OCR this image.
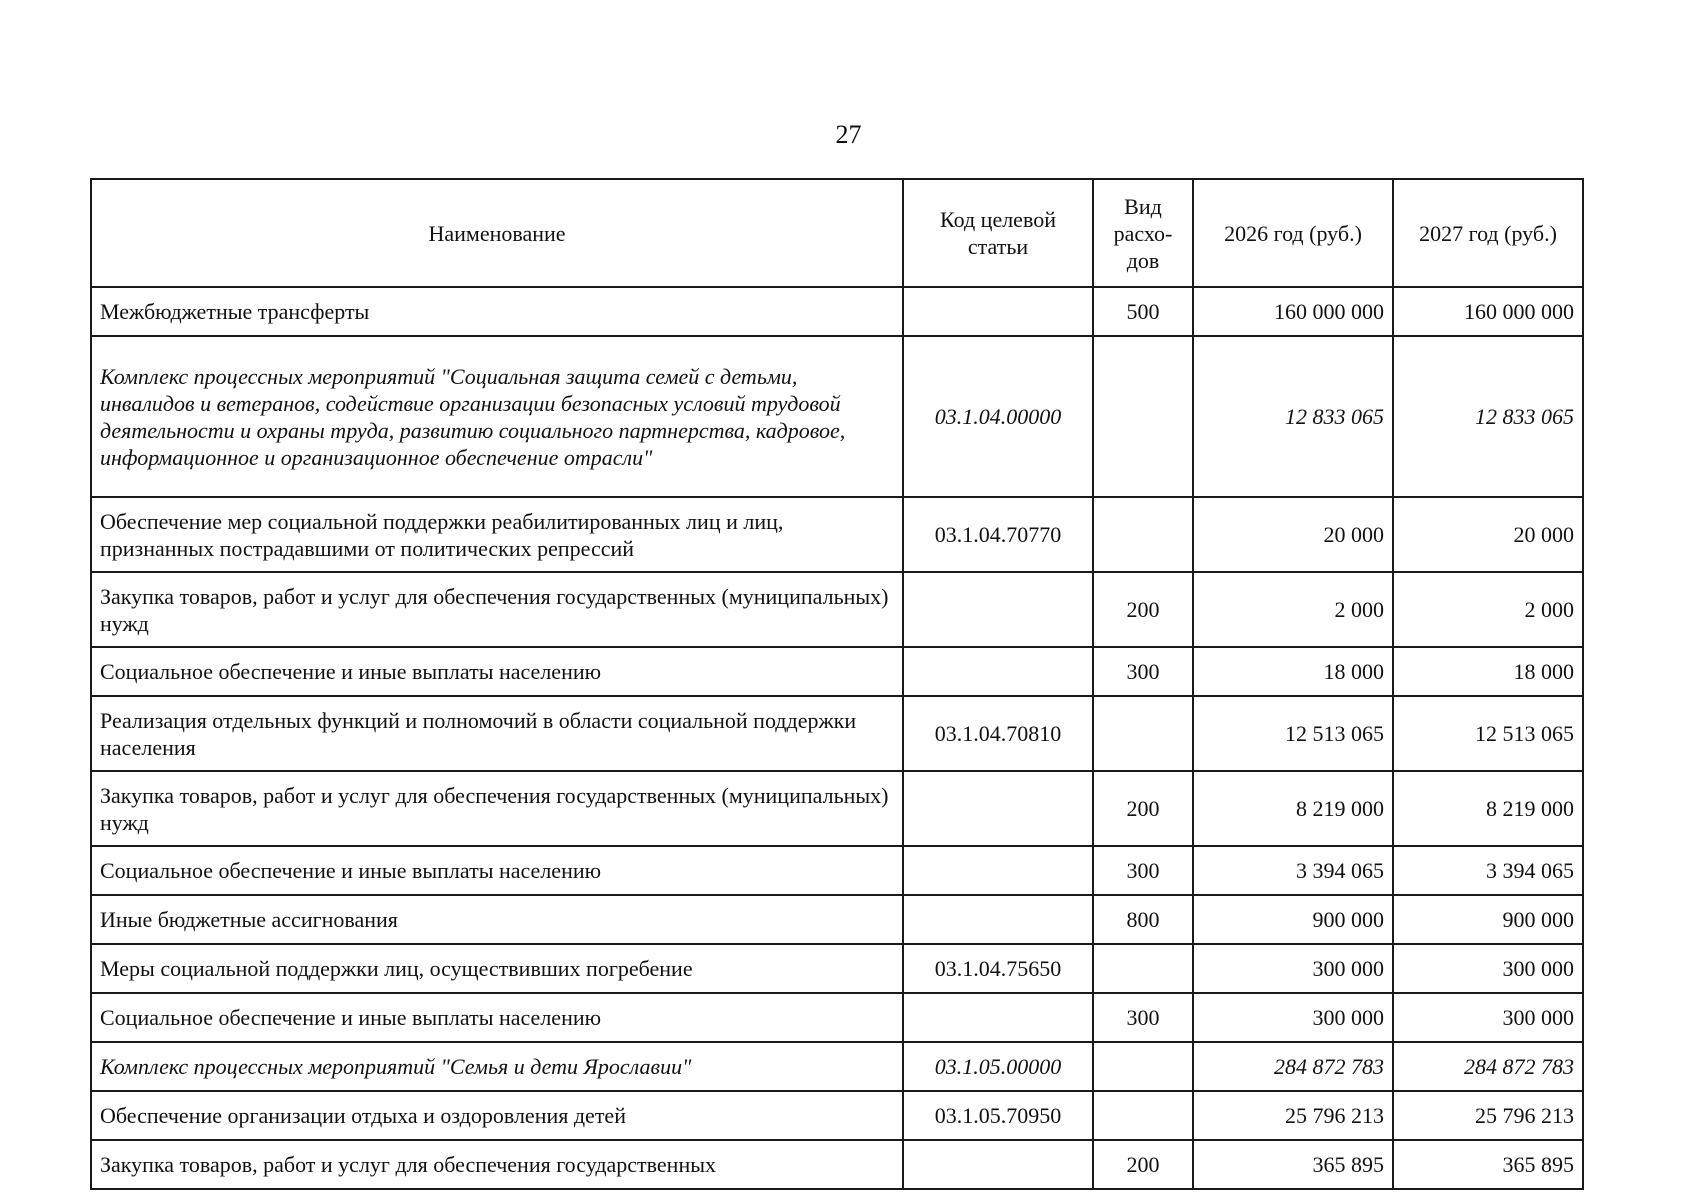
27
Наименование	Код целевой статьи	Вид расхо-дов	2026 год (руб.)	2027 год (руб.)
Межбюджетные трансферты		500	160 000 000	160 000 000
Комплекс процессных мероприятий "Социальная защита семей с детьми, инвалидов и ветеранов, содействие организации безопасных условий трудовой деятельности и охраны труда, развитию социального партнерства, кадровое, информационное и организационное обеспечение отрасли"	03.1.04.00000		12 833 065	12 833 065
Обеспечение мер социальной поддержки реабилитированных лиц и лиц, признанных пострадавшими от политических репрессий	03.1.04.70770		20 000	20 000
Закупка товаров, работ и услуг для обеспечения государственных (муниципальных) нужд		200	2 000	2 000
Социальное обеспечение и иные выплаты населению		300	18 000	18 000
Реализация отдельных функций и полномочий в области социальной поддержки населения	03.1.04.70810		12 513 065	12 513 065
Закупка товаров, работ и услуг для обеспечения государственных (муниципальных) нужд		200	8 219 000	8 219 000
Социальное обеспечение и иные выплаты населению		300	3 394 065	3 394 065
Иные бюджетные ассигнования		800	900 000	900 000
Меры социальной поддержки лиц, осуществивших погребение	03.1.04.75650		300 000	300 000
Социальное обеспечение и иные выплаты населению		300	300 000	300 000
Комплекс процессных мероприятий "Семья и дети Ярославии"	03.1.05.00000		284 872 783	284 872 783
Обеспечение организации отдыха и оздоровления детей	03.1.05.70950		25 796 213	25 796 213
Закупка товаров, работ и услуг для обеспечения государственных		200	365 895	365 895
